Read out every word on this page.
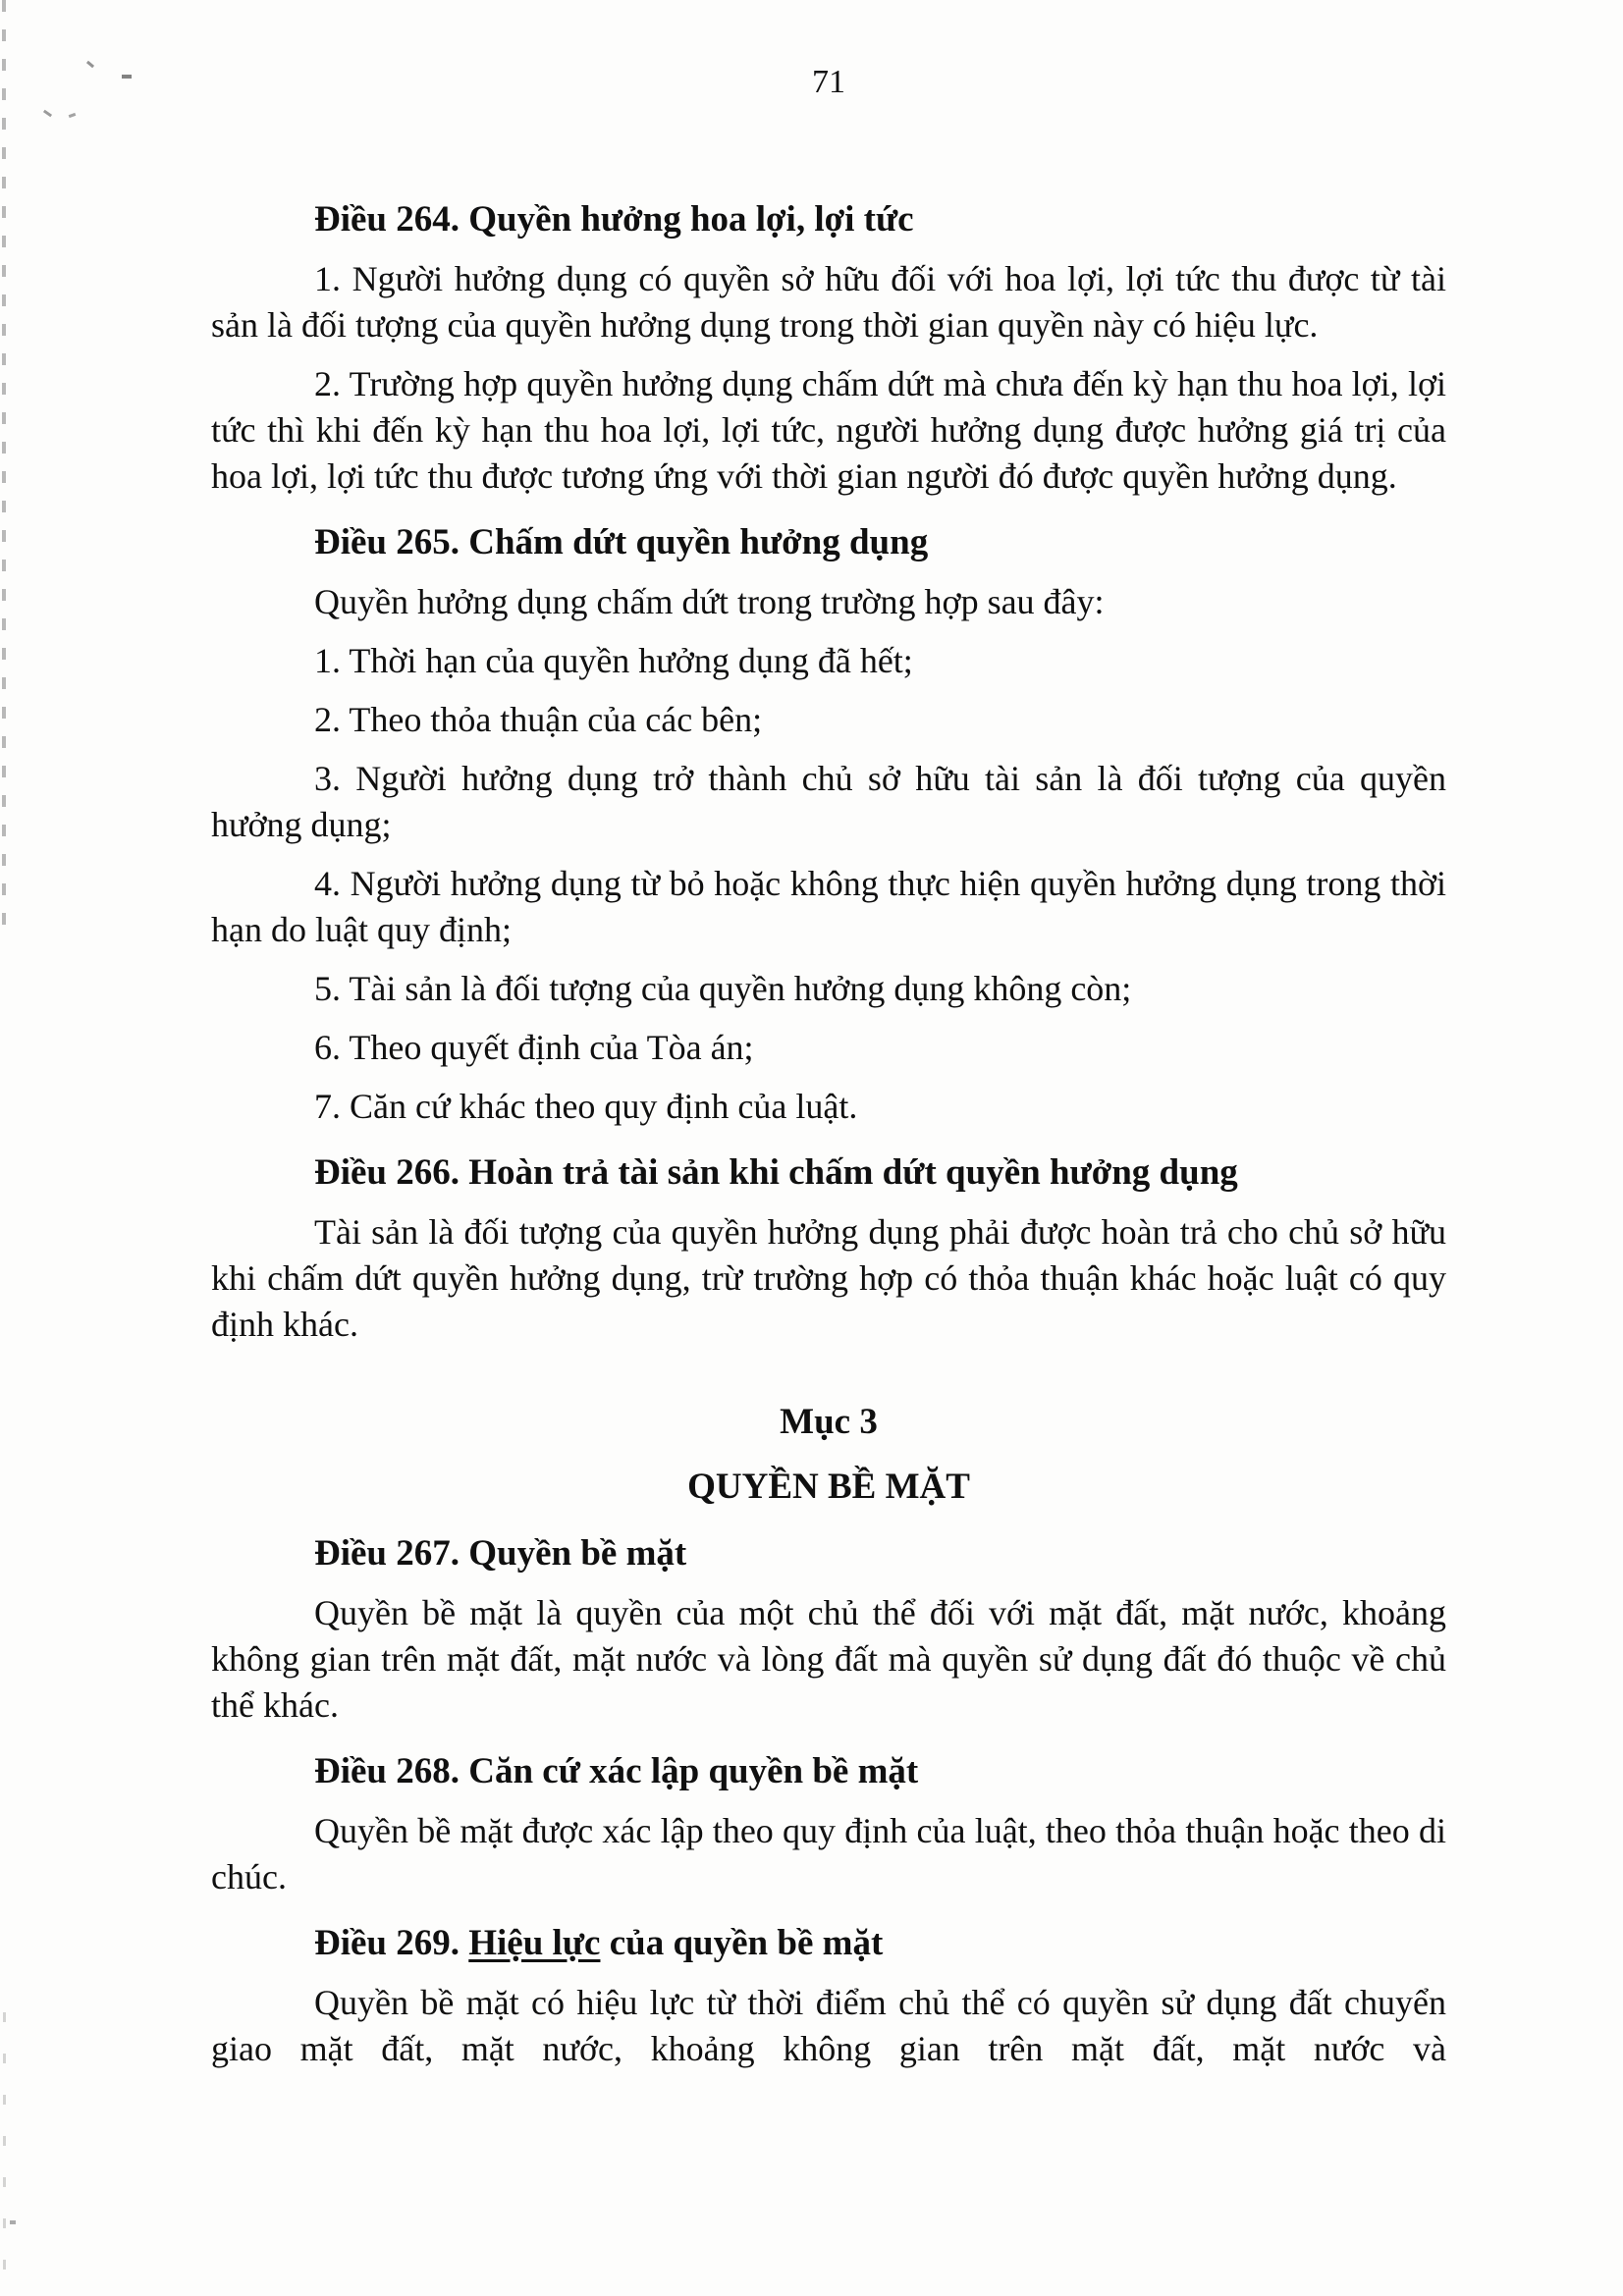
71

Điều 264. Quyền hưởng hoa lợi, lợi tức

1. Người hưởng dụng có quyền sở hữu đối với hoa lợi, lợi tức thu được từ tài sản là đối tượng của quyền hưởng dụng trong thời gian quyền này có hiệu lực.

2. Trường hợp quyền hưởng dụng chấm dứt mà chưa đến kỳ hạn thu hoa lợi, lợi tức thì khi đến kỳ hạn thu hoa lợi, lợi tức, người hưởng dụng được hưởng giá trị của hoa lợi, lợi tức thu được tương ứng với thời gian người đó được quyền hưởng dụng.

Điều 265. Chấm dứt quyền hưởng dụng

Quyền hưởng dụng chấm dứt trong trường hợp sau đây:

1. Thời hạn của quyền hưởng dụng đã hết;

2. Theo thỏa thuận của các bên;

3. Người hưởng dụng trở thành chủ sở hữu tài sản là đối tượng của quyền hưởng dụng;

4. Người hưởng dụng từ bỏ hoặc không thực hiện quyền hưởng dụng trong thời hạn do luật quy định;

5. Tài sản là đối tượng của quyền hưởng dụng không còn;

6. Theo quyết định của Tòa án;

7. Căn cứ khác theo quy định của luật.

Điều 266. Hoàn trả tài sản khi chấm dứt quyền hưởng dụng

Tài sản là đối tượng của quyền hưởng dụng phải được hoàn trả cho chủ sở hữu khi chấm dứt quyền hưởng dụng, trừ trường hợp có thỏa thuận khác hoặc luật có quy định khác.

Mục 3

QUYỀN BỀ MẶT

Điều 267. Quyền bề mặt

Quyền bề mặt là quyền của một chủ thể đối với mặt đất, mặt nước, khoảng không gian trên mặt đất, mặt nước và lòng đất mà quyền sử dụng đất đó thuộc về chủ thể khác.

Điều 268. Căn cứ xác lập quyền bề mặt

Quyền bề mặt được xác lập theo quy định của luật, theo thỏa thuận hoặc theo di chúc.

Điều 269. Hiệu lực của quyền bề mặt

Quyền bề mặt có hiệu lực từ thời điểm chủ thể có quyền sử dụng đất chuyển giao mặt đất, mặt nước, khoảng không gian trên mặt đất, mặt nước và
